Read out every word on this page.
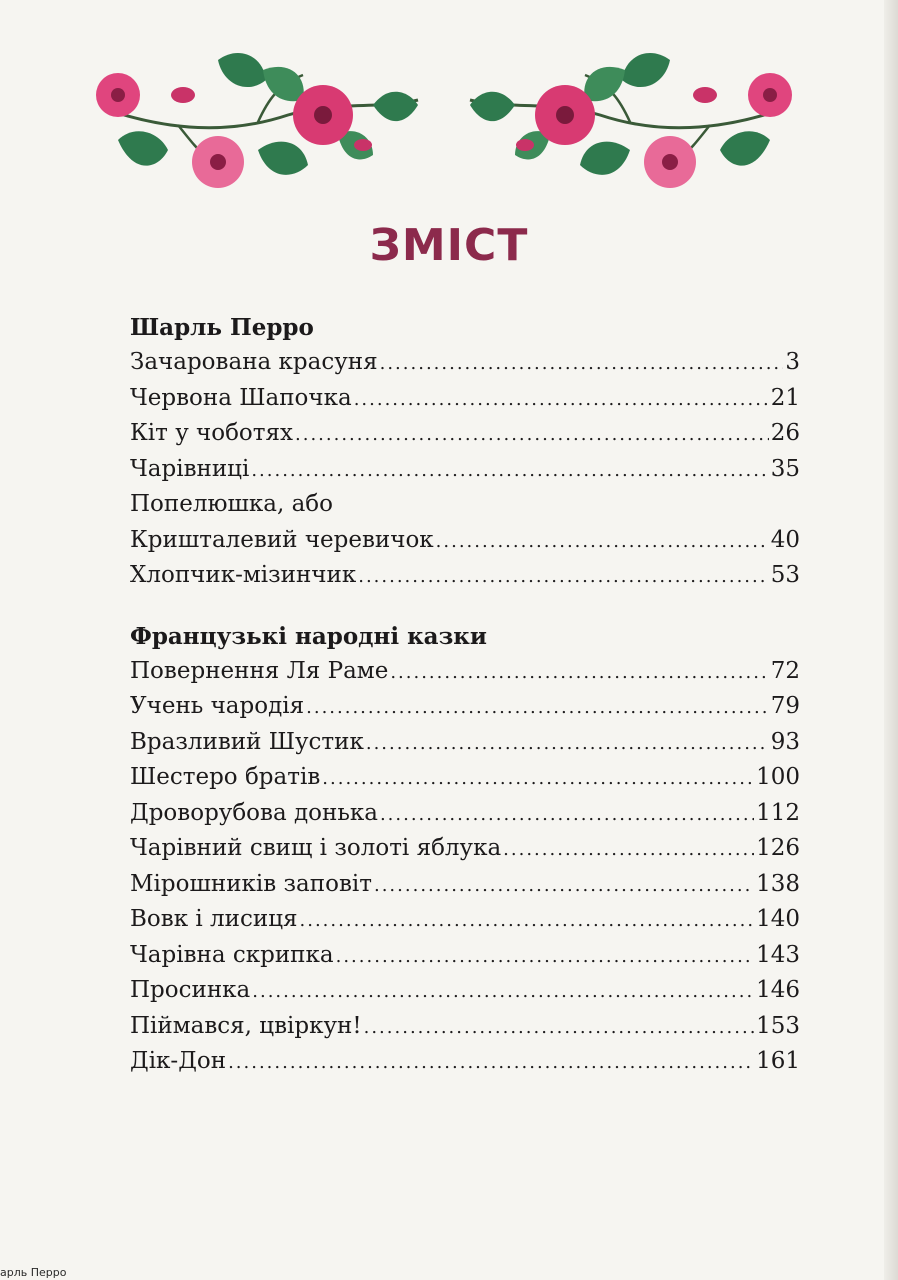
ЗМІСТ
Шарль Перро
Зачарована красуня .....	3
Червона Шапочка .....	21
Кіт у чоботях .....	26
Чарівниці .....	35
Попелюшка, або
Кришталевий черевичок .....	40
Хлопчик-мізинчик .....	53
Французькі народні казки
Повернення Ля Раме .....	72
Учень чародія .....	79
Вразливий Шустик .....	93
Шестеро братів .....	100
Дроворубова донька .....	112
Чарівний свищ і золоті яблука .....	126
Мірошників заповіт .....	138
Вовк і лисиця .....	140
Чарівна скрипка .....	143
Просинка .....	146
Піймався, цвіркун! .....	153
Дік-Дон .....	161
арль Перро
